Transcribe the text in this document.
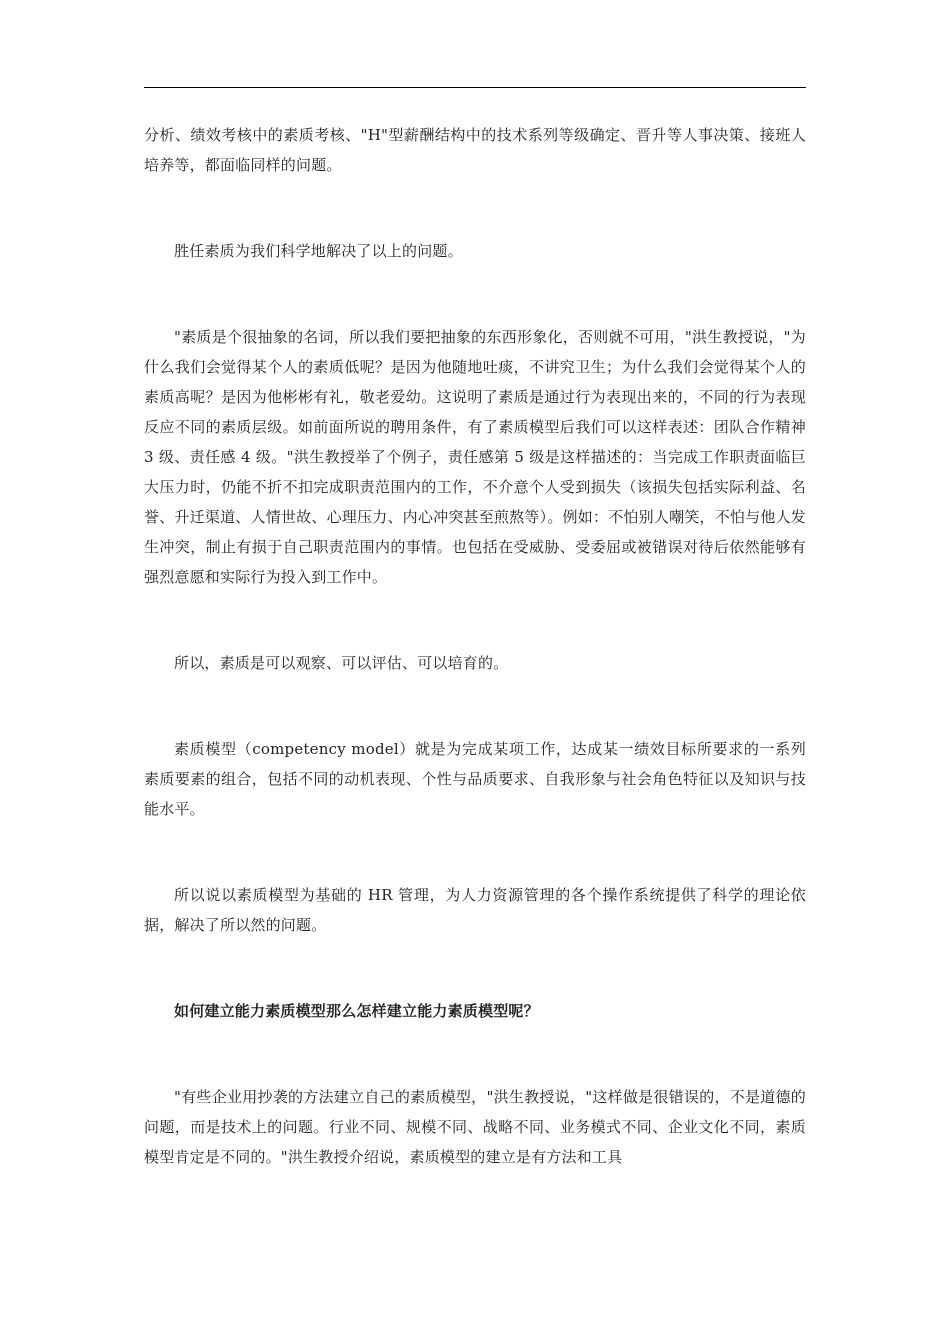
分析、绩效考核中的素质考核、"H"型薪酬结构中的技术系列等级确定、晋升等人事决策、接班人培养等，都面临同样的问题。

胜任素质为我们科学地解决了以上的问题。

"素质是个很抽象的名词，所以我们要把抽象的东西形象化，否则就不可用，"洪生教授说，"为什么我们会觉得某个人的素质低呢？是因为他随地吐痰，不讲究卫生；为什么我们会觉得某个人的素质高呢？是因为他彬彬有礼，敬老爱幼。这说明了素质是通过行为表现出来的，不同的行为表现反应不同的素质层级。如前面所说的聘用条件，有了素质模型后我们可以这样表述：团队合作精神 3 级、责任感 4 级。"洪生教授举了个例子，责任感第 5 级是这样描述的：当完成工作职责面临巨大压力时，仍能不折不扣完成职责范围内的工作，不介意个人受到损失（该损失包括实际利益、名誉、升迁渠道、人情世故、心理压力、内心冲突甚至煎熬等）。例如：不怕别人嘲笑，不怕与他人发生冲突，制止有损于自己职责范围内的事情。也包括在受威胁、受委屈或被错误对待后依然能够有强烈意愿和实际行为投入到工作中。

所以，素质是可以观察、可以评估、可以培育的。

素质模型（competency model）就是为完成某项工作，达成某一绩效目标所要求的一系列素质要素的组合，包括不同的动机表现、个性与品质要求、自我形象与社会角色特征以及知识与技能水平。

所以说以素质模型为基础的 HR 管理，为人力资源管理的各个操作系统提供了科学的理论依据，解决了所以然的问题。

如何建立能力素质模型那么怎样建立能力素质模型呢？

"有些企业用抄袭的方法建立自己的素质模型，"洪生教授说，"这样做是很错误的，不是道德的问题，而是技术上的问题。行业不同、规模不同、战略不同、业务模式不同、企业文化不同，素质模型肯定是不同的。"洪生教授介绍说，素质模型的建立是有方法和工具
